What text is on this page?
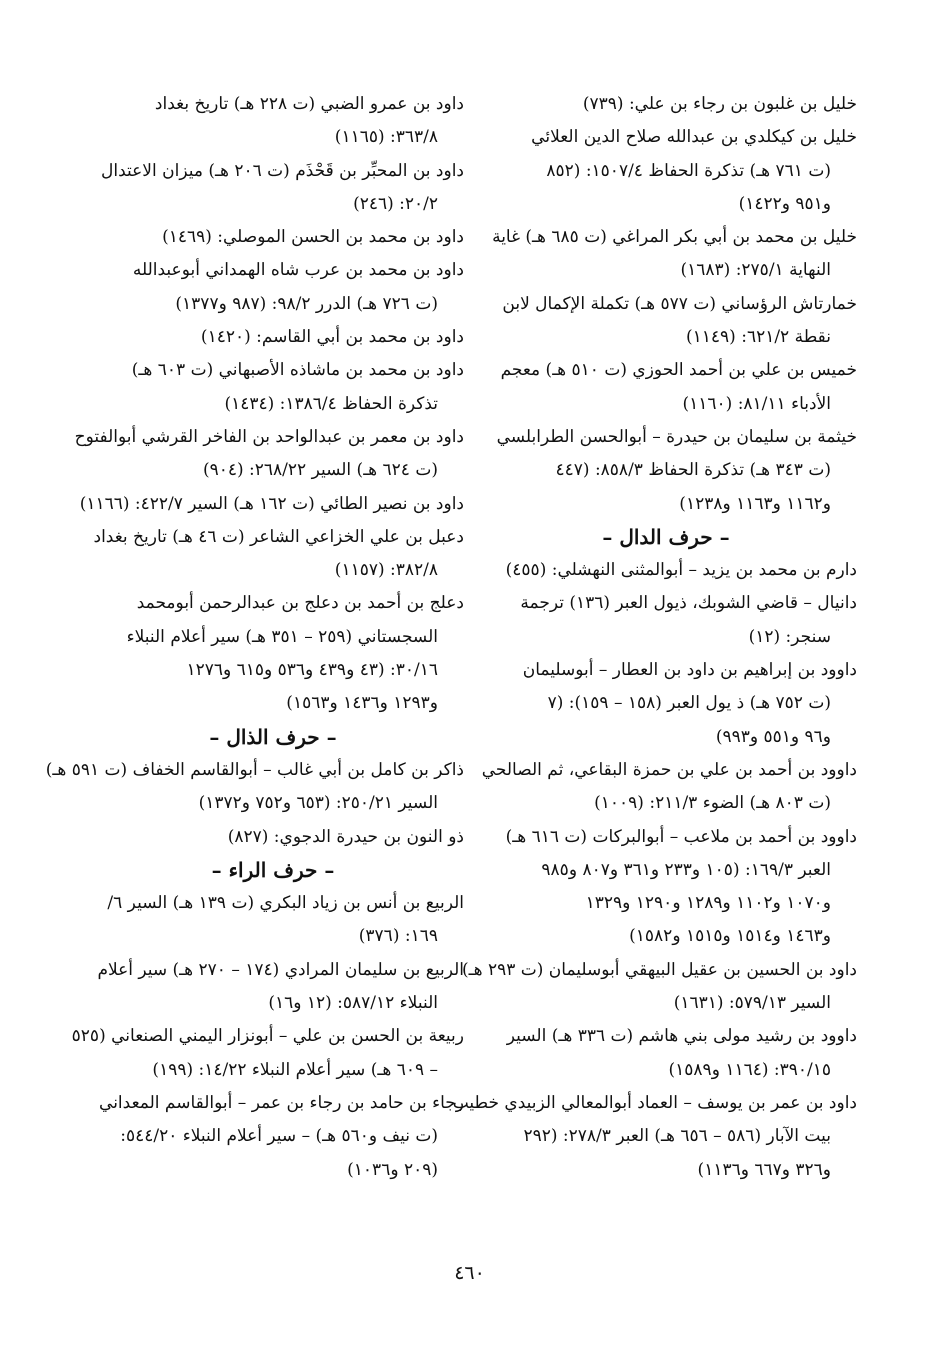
خليل بن غلبون بن رجاء بن علي: (٧٣٩)
خليل بن كيكلدي بن عبدالله صلاح الدين العلائي
(ت ٧٦١ هـ) تذكرة الحفاظ ١٥٠٧/٤: (٨٥٢
و٩٥١ و١٤٢٢)
خليل بن محمد بن أبي بكر المراغي (ت ٦٨٥ هـ) غاية
النهاية ٢٧٥/١: (١٦٨٣)
خمارتاش الرؤساني (ت ٥٧٧ هـ) تكملة الإكمال لابن
نقطة ٦٢١/٢: (١١٤٩)
خميس بن علي بن أحمد الحوزي (ت ٥١٠ هـ) معجم
الأدباء ٨١/١١: (١١٦٠)
خيثمة بن سليمان بن حيدرة – أبوالحسن الطرابلسي
(ت ٣٤٣ هـ) تذكرة الحفاظ ٨٥٨/٣: (٤٤٧
و١١٦٢ و١١٦٣ و١٢٣٨)
– حرف الدال –
دارم بن محمد بن يزيد – أبوالمثنى النهشلي: (٤٥٥)
دانيال – قاضي الشوبك، ذيول العبر (١٣٦) ترجمة
سنجر: (١٢)
داوود بن إبراهيم بن داود بن العطار – أبوسليمان
(ت ٧٥٢ هـ) ذ يول العبر (١٥٨ – ١٥٩): (٧
و٩٦ و٥٥١ و٩٩٣)
داوود بن أحمد بن علي بن حمزة البقاعي، ثم الصالحي
(ت ٨٠٣ هـ) الضوء ٢١١/٣: (١٠٠٩)
داوود بن أحمد بن ملاعب – أبوالبركات (ت ٦١٦ هـ)
العبر ١٦٩/٣: (١٠٥ و٢٣٣ و٣٦١ و٨٠٧ و٩٨٥
و١٠٧٠ و١١٠٢ و١٢٨٩ و١٢٩٠ و١٣٢٩
و١٤٦٣ و١٥١٤ و١٥١٥ و١٥٨٢)
داود بن الحسين بن عقيل البيهقي أبوسليمان (ت ٢٩٣ هـ)
السير ٥٧٩/١٣: (١٦٣١)
داوود بن رشيد مولى بني هاشم (ت ٣٣٦ هـ) السير
٣٩٠/١٥: (١١٦٤ و١٥٨٩)
داود بن عمر بن يوسف – العماد أبوالمعالي الزبيدي خطيب
بيت الآبار (٥٨٦ – ٦٥٦ هـ) العبر ٢٧٨/٣: (٢٩٢
و٣٢٦ و٦٦٧ و١١٣٦)
داود بن عمرو الضبي (ت ٢٢٨ هـ) تاريخ بغداد
٣٦٣/٨: (١١٦٥)
داود بن المحبِّر بن قَحْذَم (ت ٢٠٦ هـ) ميزان الاعتدال
٢٠/٢: (٢٤٦)
داود بن محمد بن الحسن الموصلي: (١٤٦٩)
داود بن محمد بن عرب شاه الهمداني أبوعبدالله
(ت ٧٢٦ هـ) الدرر ٩٨/٢: (٩٨٧ و١٣٧٧)
داود بن محمد بن أبي القاسم: (١٤٢٠)
داود بن محمد بن ماشاذه الأصبهاني (ت ٦٠٣ هـ)
تذكرة الحفاظ ١٣٨٦/٤: (١٤٣٤)
داود بن معمر بن عبدالواحد بن الفاخر القرشي أبوالفتوح
(ت ٦٢٤ هـ) السير ٢٦٨/٢٢: (٩٠٤)
داود بن نصير الطائي (ت ١٦٢ هـ) السير ٤٢٢/٧: (١١٦٦)
دعبل بن علي الخزاعي الشاعر (ت ٤٦ هـ) تاريخ بغداد
٣٨٢/٨: (١١٥٧)
دعلج بن أحمد بن دعلج بن عبدالرحمن أبومحمد
السجستاني (٢٥٩ – ٣٥١ هـ) سير أعلام النبلاء
٣٠/١٦: (٤٣ و٤٣٩ و٥٣٦ و٦١٥ و١٢٧٦
و١٢٩٣ و١٤٣٦ و١٥٦٣)
– حرف الذال –
ذاكر بن كامل بن أبي غالب – أبوالقاسم الخفاف (ت ٥٩١ هـ)
السير ٢٥٠/٢١: (٦٥٣ و٧٥٢ و١٣٧٢)
ذو النون بن حيدرة الدجوي: (٨٢٧)
– حرف الراء –
الربيع بن أنس بن زياد البكري (ت ١٣٩ هـ) السير ٦/
١٦٩: (٣٧٦)
الربيع بن سليمان المرادي (١٧٤ – ٢٧٠ هـ) سير أعلام
النبلاء ٥٨٧/١٢: (١٢ و١٦)
ربيعة بن الحسن بن علي – أبونزار اليمني الصنعاني (٥٢٥
– ٦٠٩ هـ) سير أعلام النبلاء ١٤/٢٢: (١٩٩)
رجاء بن حامد بن رجاء بن عمر – أبوالقاسم المعداني
(ت نيف و٥٦٠ هـ) – سير أعلام النبلاء ٥٤٤/٢٠:
(٢٠٩ و١٠٣٦)
٤٦٠
